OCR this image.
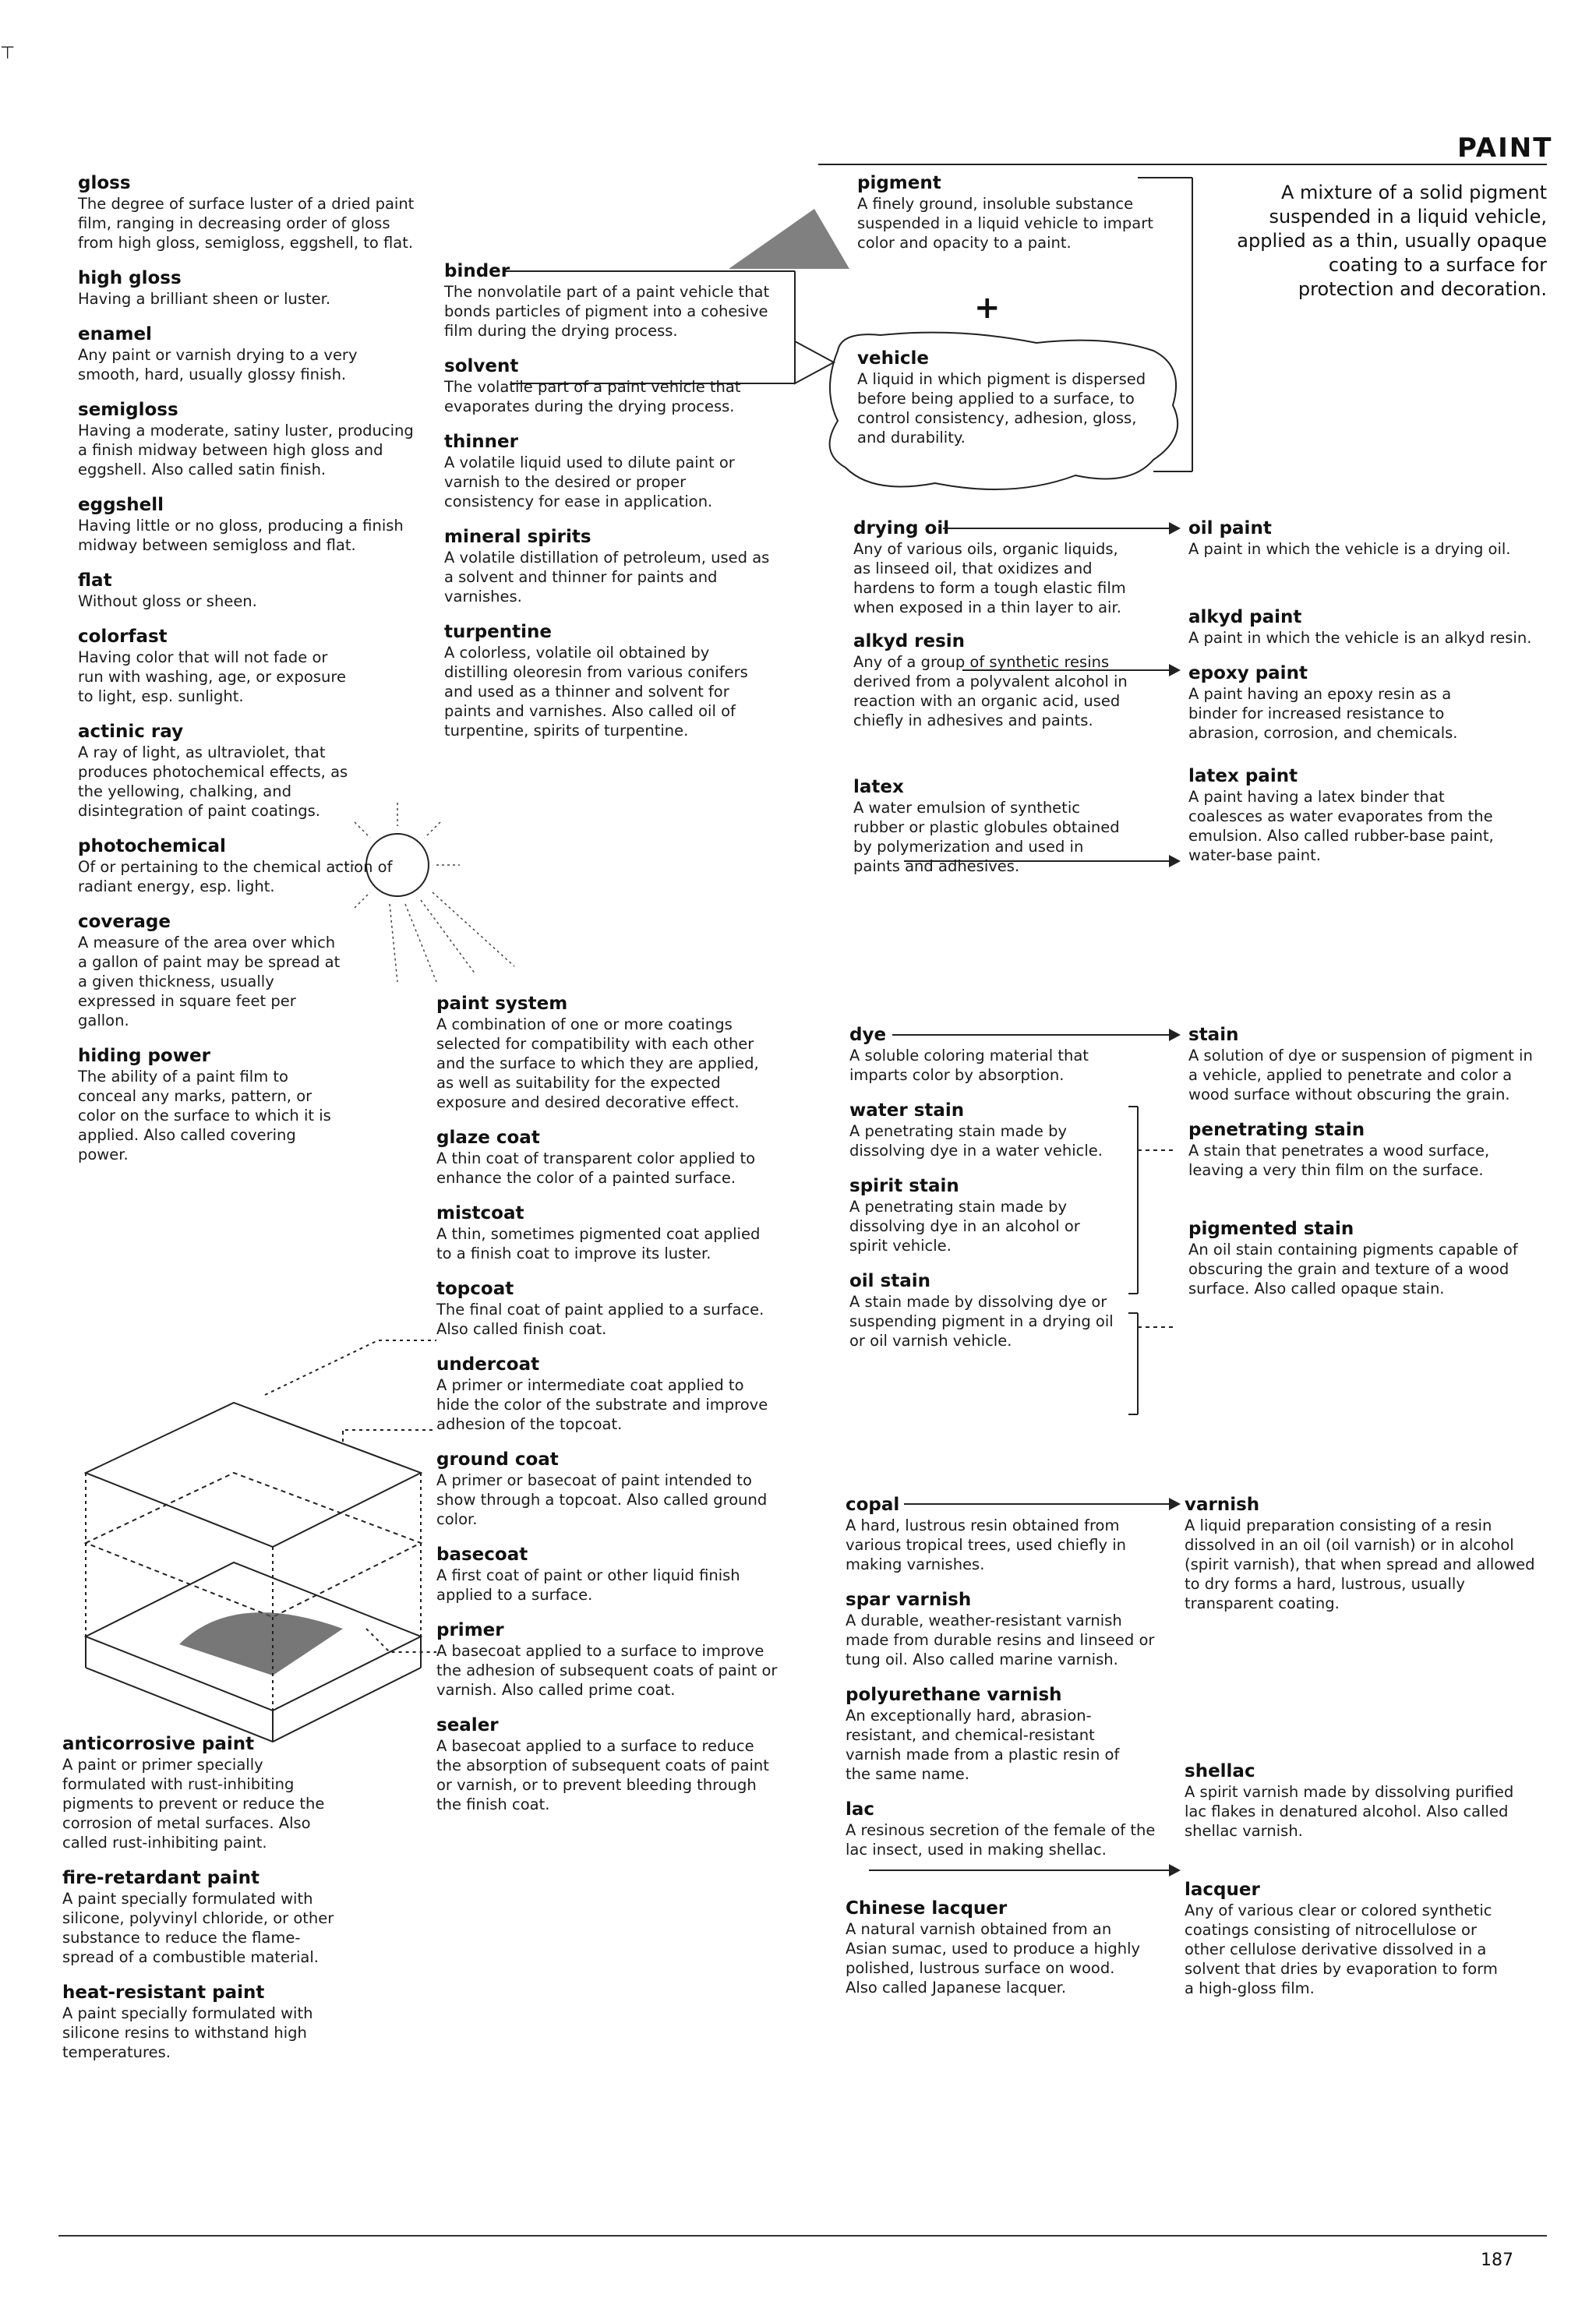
⊤
PAINT
A mixture of a solid pigment suspended in a liquid vehicle, applied as a thin, usually opaque coating to a surface for protection and decoration.
gloss
The degree of surface luster of a dried paint film, ranging in decreasing order of gloss from high gloss, semigloss, eggshell, to flat.
high gloss
Having a brilliant sheen or luster.
enamel
Any paint or varnish drying to a very smooth, hard, usually glossy finish.
semigloss
Having a moderate, satiny luster, producing a finish midway between high gloss and eggshell. Also called satin finish.
eggshell
Having little or no gloss, producing a finish midway between semigloss and flat.
flat
Without gloss or sheen.
colorfast
Having color that will not fade or run with washing, age, or exposure to light, esp. sunlight.
actinic ray
A ray of light, as ultraviolet, that produces photochemical effects, as the yellowing, chalking, and disintegration of paint coatings.
photochemical
Of or pertaining to the chemical action of radiant energy, esp. light.
coverage
A measure of the area over which a gallon of paint may be spread at a given thickness, usually expressed in square feet per gallon.
hiding power
The ability of a paint film to conceal any marks, pattern, or color on the surface to which it is applied. Also called covering power.
anticorrosive paint
A paint or primer specially formulated with rust-inhibiting pigments to prevent or reduce the corrosion of metal surfaces. Also called rust-inhibiting paint.
fire-retardant paint
A paint specially formulated with silicone, polyvinyl chloride, or other substance to reduce the flame-spread of a combustible material.
heat-resistant paint
A paint specially formulated with silicone resins to withstand high temperatures.
binder
The nonvolatile part of a paint vehicle that bonds particles of pigment into a cohesive film during the drying process.
solvent
The volatile part of a paint vehicle that evaporates during the drying process.
thinner
A volatile liquid used to dilute paint or varnish to the desired or proper consistency for ease in application.
mineral spirits
A volatile distillation of petroleum, used as a solvent and thinner for paints and varnishes.
turpentine
A colorless, volatile oil obtained by distilling oleoresin from various conifers and used as a thinner and solvent for paints and varnishes. Also called oil of turpentine, spirits of turpentine.
paint system
A combination of one or more coatings selected for compatibility with each other and the surface to which they are applied, as well as suitability for the expected exposure and desired decorative effect.
glaze coat
A thin coat of transparent color applied to enhance the color of a painted surface.
mistcoat
A thin, sometimes pigmented coat applied to a finish coat to improve its luster.
topcoat
The final coat of paint applied to a surface. Also called finish coat.
undercoat
A primer or intermediate coat applied to hide the color of the substrate and improve adhesion of the topcoat.
ground coat
A primer or basecoat of paint intended to show through a topcoat. Also called ground color.
basecoat
A first coat of paint or other liquid finish applied to a surface.
primer
A basecoat applied to a surface to improve the adhesion of subsequent coats of paint or varnish. Also called prime coat.
sealer
A basecoat applied to a surface to reduce the absorption of subsequent coats of paint or varnish, or to prevent bleeding through the finish coat.
pigment
A finely ground, insoluble substance suspended in a liquid vehicle to impart color and opacity to a paint.
+
vehicle
A liquid in which pigment is dispersed before being applied to a surface, to control consistency, adhesion, gloss, and durability.
drying oil
Any of various oils, organic liquids, as linseed oil, that oxidizes and hardens to form a tough elastic film when exposed in a thin layer to air.
alkyd resin
Any of a group of synthetic resins derived from a polyvalent alcohol in reaction with an organic acid, used chiefly in adhesives and paints.
latex
A water emulsion of synthetic rubber or plastic globules obtained by polymerization and used in paints and adhesives.
dye
A soluble coloring material that imparts color by absorption.
water stain
A penetrating stain made by dissolving dye in a water vehicle.
spirit stain
A penetrating stain made by dissolving dye in an alcohol or spirit vehicle.
oil stain
A stain made by dissolving dye or suspending pigment in a drying oil or oil varnish vehicle.
copal
A hard, lustrous resin obtained from various tropical trees, used chiefly in making varnishes.
spar varnish
A durable, weather-resistant varnish made from durable resins and linseed or tung oil. Also called marine varnish.
polyurethane varnish
An exceptionally hard, abrasion-resistant, and chemical-resistant varnish made from a plastic resin of the same name.
lac
A resinous secretion of the female of the lac insect, used in making shellac.
Chinese lacquer
A natural varnish obtained from an Asian sumac, used to produce a highly polished, lustrous surface on wood. Also called Japanese lacquer.
oil paint
A paint in which the vehicle is a drying oil.
alkyd paint
A paint in which the vehicle is an alkyd resin.
epoxy paint
A paint having an epoxy resin as a binder for increased resistance to abrasion, corrosion, and chemicals.
latex paint
A paint having a latex binder that coalesces as water evaporates from the emulsion. Also called rubber-base paint, water-base paint.
stain
A solution of dye or suspension of pigment in a vehicle, applied to penetrate and color a wood surface without obscuring the grain.
penetrating stain
A stain that penetrates a wood surface, leaving a very thin film on the surface.
pigmented stain
An oil stain containing pigments capable of obscuring the grain and texture of a wood surface. Also called opaque stain.
varnish
A liquid preparation consisting of a resin dissolved in an oil (oil varnish) or in alcohol (spirit varnish), that when spread and allowed to dry forms a hard, lustrous, usually transparent coating.
shellac
A spirit varnish made by dissolving purified lac flakes in denatured alcohol. Also called shellac varnish.
lacquer
Any of various clear or colored synthetic coatings consisting of nitrocellulose or other cellulose derivative dissolved in a solvent that dries by evaporation to form a high-gloss film.
187
